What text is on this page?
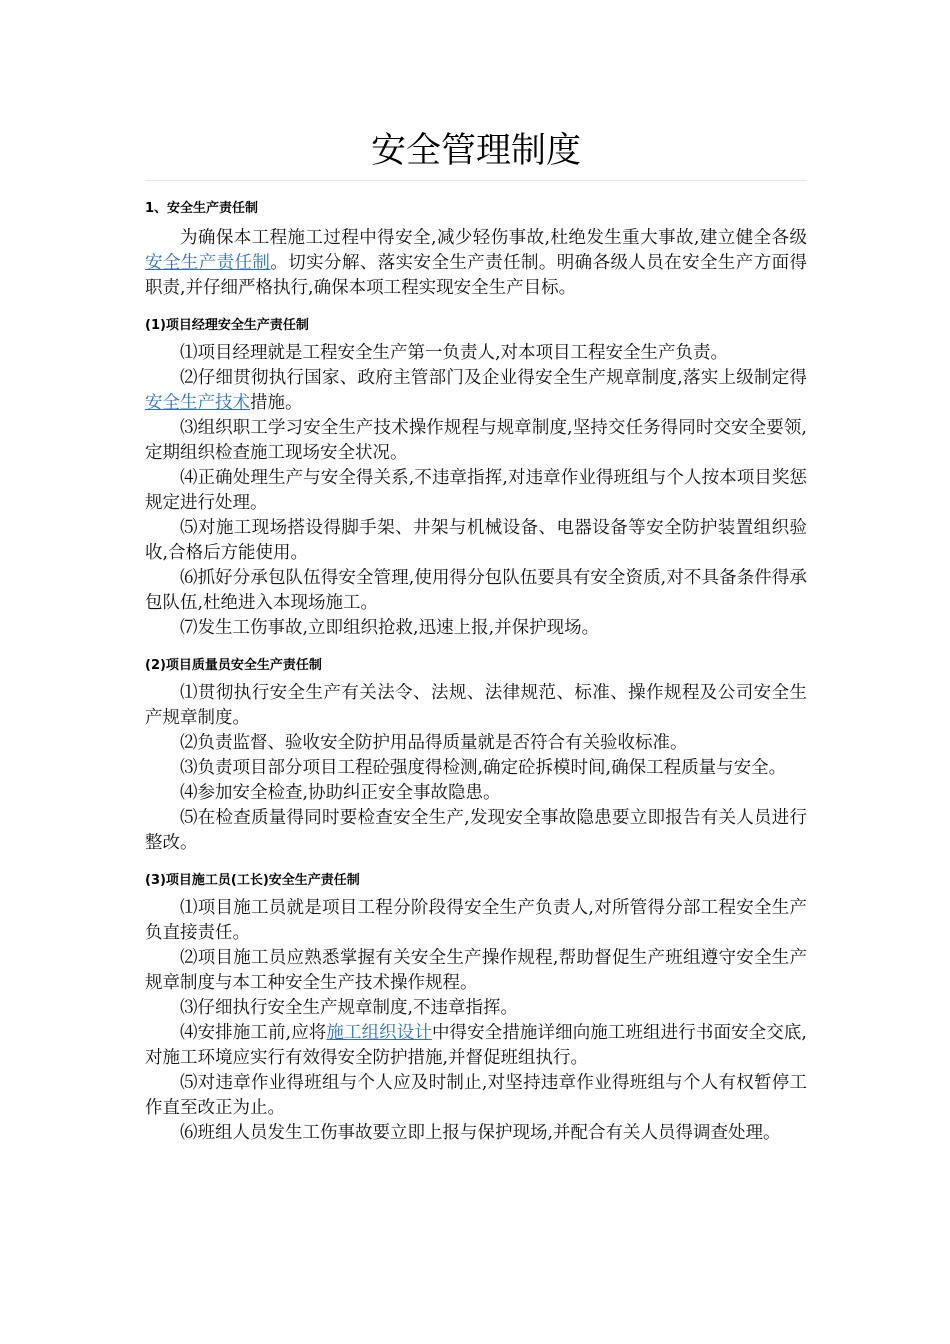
安全管理制度
1、安全生产责任制

为确保本工程施工过程中得安全,减少轻伤事故,杜绝发生重大事故,建立健全各级安全生产责任制。切实分解、落实安全生产责任制。明确各级人员在安全生产方面得职责,并仔细严格执行,确保本项工程实现安全生产目标。

(1)项目经理安全生产责任制

⑴项目经理就是工程安全生产第一负责人,对本项目工程安全生产负责。

⑵仔细贯彻执行国家、政府主管部门及企业得安全生产规章制度,落实上级制定得安全生产技术措施。

⑶组织职工学习安全生产技术操作规程与规章制度,坚持交任务得同时交安全要领,定期组织检查施工现场安全状况。

⑷正确处理生产与安全得关系,不违章指挥,对违章作业得班组与个人按本项目奖惩规定进行处理。

⑸对施工现场搭设得脚手架、井架与机械设备、电器设备等安全防护装置组织验收,合格后方能使用。

⑹抓好分承包队伍得安全管理,使用得分包队伍要具有安全资质,对不具备条件得承包队伍,杜绝进入本现场施工。

⑺发生工伤事故,立即组织抢救,迅速上报,并保护现场。

(2)项目质量员安全生产责任制

⑴贯彻执行安全生产有关法令、法规、法律规范、标准、操作规程及公司安全生产规章制度。

⑵负责监督、验收安全防护用品得质量就是否符合有关验收标准。

⑶负责项目部分项目工程砼强度得检测,确定砼拆模时间,确保工程质量与安全。

⑷参加安全检查,协助纠正安全事故隐患。

⑸在检查质量得同时要检查安全生产,发现安全事故隐患要立即报告有关人员进行整改。

(3)项目施工员(工长)安全生产责任制

⑴项目施工员就是项目工程分阶段得安全生产负责人,对所管得分部工程安全生产负直接责任。

⑵项目施工员应熟悉掌握有关安全生产操作规程,帮助督促生产班组遵守安全生产规章制度与本工种安全生产技术操作规程。

⑶仔细执行安全生产规章制度,不违章指挥。

⑷安排施工前,应将施工组织设计中得安全措施详细向施工班组进行书面安全交底,对施工环境应实行有效得安全防护措施,并督促班组执行。

⑸对违章作业得班组与个人应及时制止,对坚持违章作业得班组与个人有权暂停工作直至改正为止。

⑹班组人员发生工伤事故要立即上报与保护现场,并配合有关人员得调查处理。
